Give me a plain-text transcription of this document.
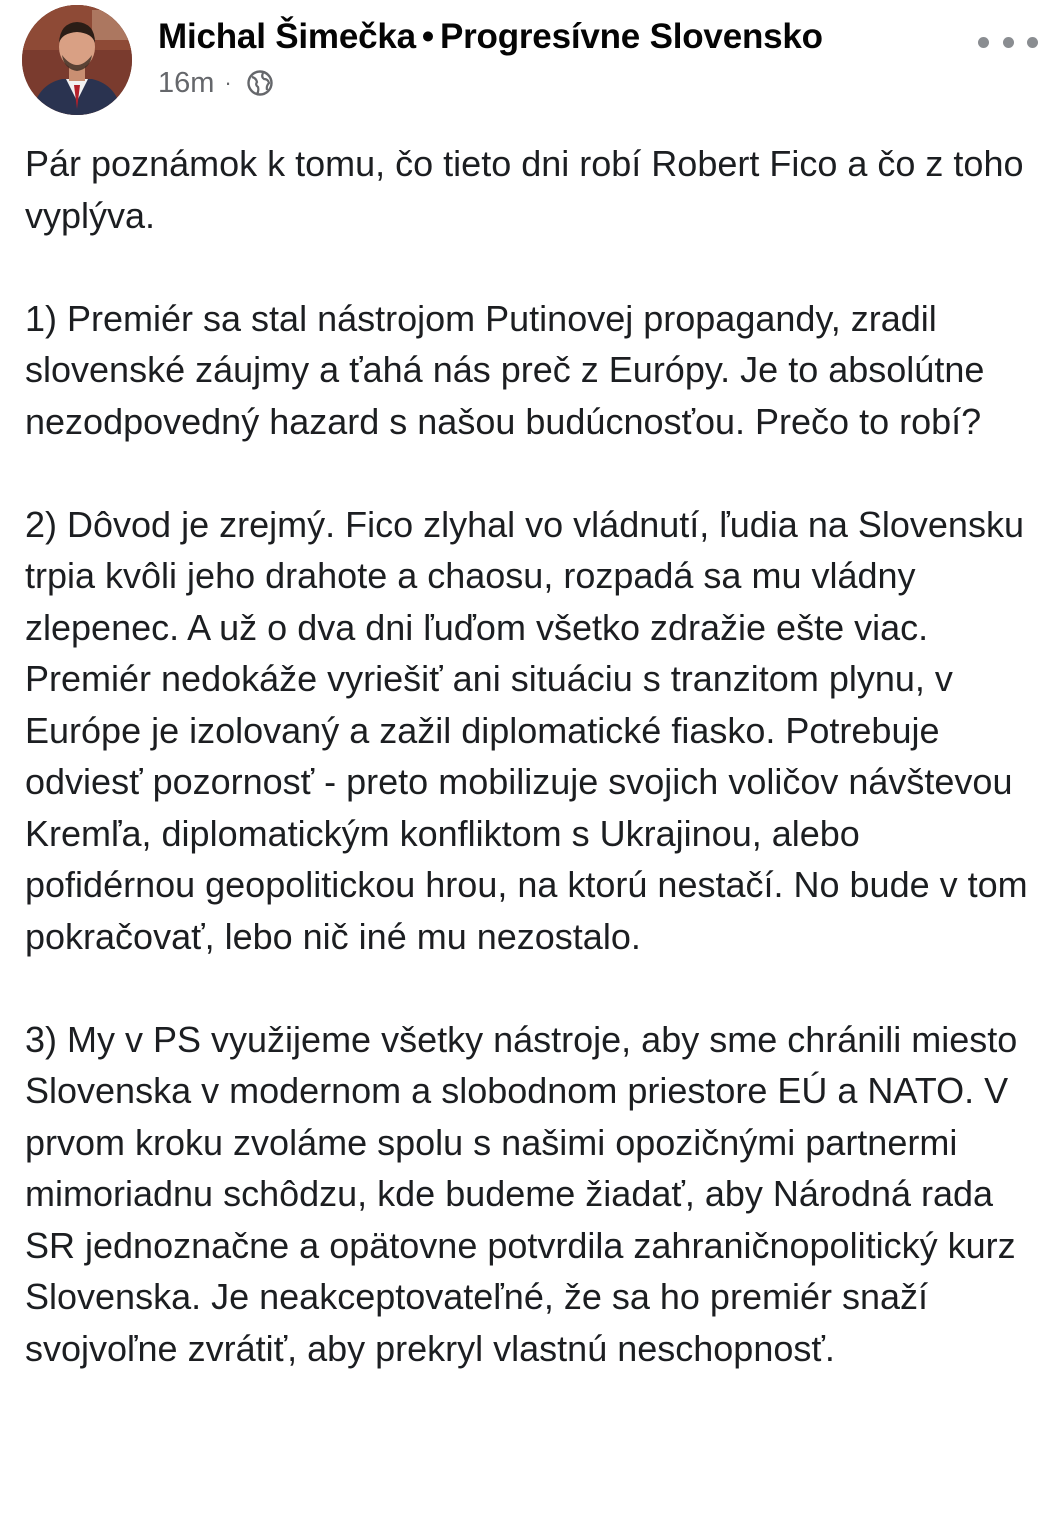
Michal Šimečka • Progresívne Slovensko
16m ·

Pár poznámok k tomu, čo tieto dni robí Robert Fico a čo z toho vyplýva.

1) Premiér sa stal nástrojom Putinovej propagandy, zradil slovenské záujmy a ťahá nás preč z Európy. Je to absolútne nezodpovedný hazard s našou budúcnosťou. Prečo to robí?

2) Dôvod je zrejmý. Fico zlyhal vo vládnutí, ľudia na Slovensku trpia kvôli jeho drahote a chaosu, rozpadá sa mu vládny zlepenec. A už o dva dni ľuďom všetko zdražie ešte viac. Premiér nedokáže vyriešiť ani situáciu s tranzitom plynu, v Európe je izolovaný a zažil diplomatické fiasko. Potrebuje odviesť pozornosť - preto mobilizuje svojich voličov návštevou Kremľa, diplomatickým konfliktom s Ukrajinou, alebo pofidérnou geopolitickou hrou, na ktorú nestačí. No bude v tom pokračovať, lebo nič iné mu nezostalo.

3) My v PS využijeme všetky nástroje, aby sme chránili miesto Slovenska v modernom a slobodnom priestore EÚ a NATO. V prvom kroku zvoláme spolu s našimi opozičnými partnermi mimoriadnu schôdzu, kde budeme žiadať, aby Národná rada SR jednoznačne a opätovne potvrdila zahraničnopolitický kurz Slovenska. Je neakceptovateľné, že sa ho premiér snaží svojvoľne zvrátiť, aby prekryl vlastnú neschopnosť.
